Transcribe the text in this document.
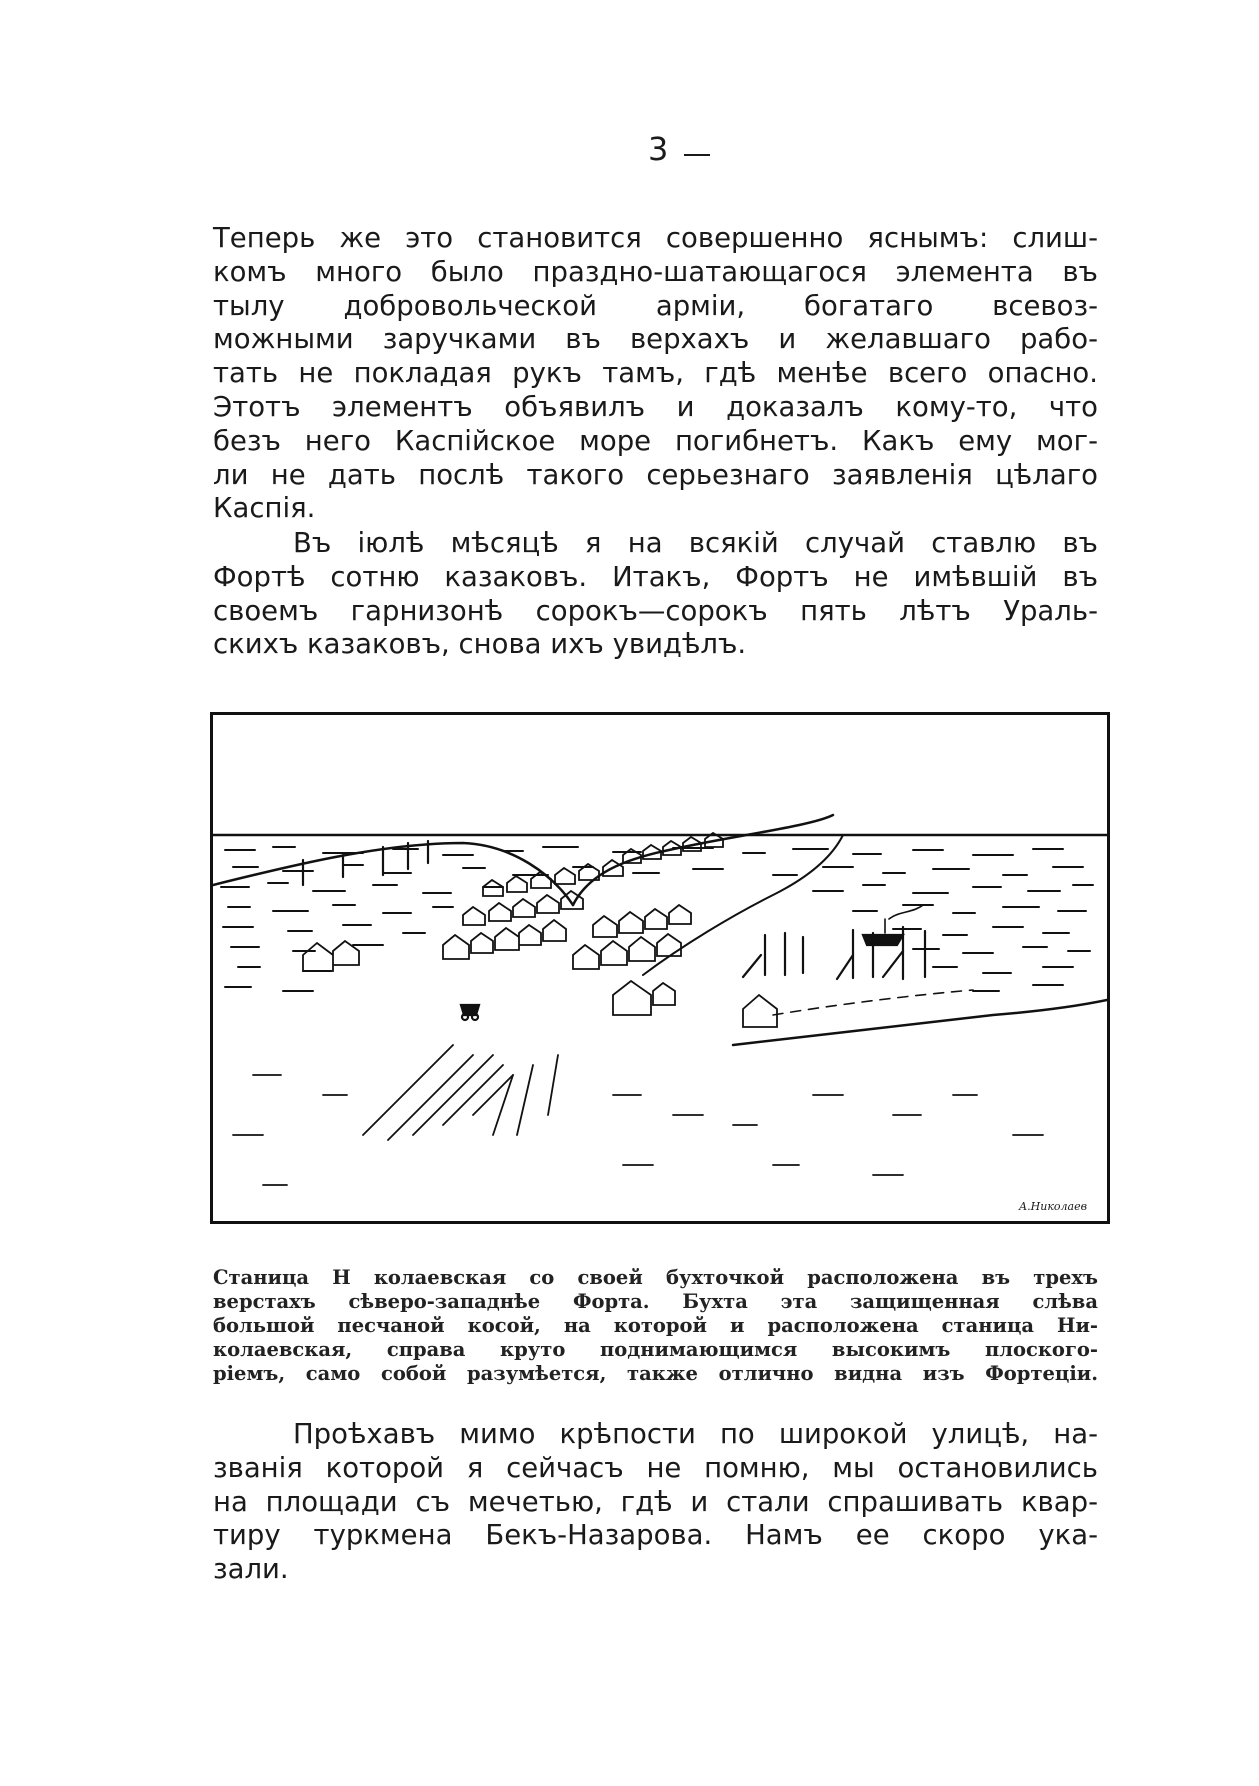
3
Теперь же это становится совершенно яснымъ: слиш-
комъ много было праздно-шатающагося элемента въ
тылу добровольческой арміи, богатаго всевоз-
можными заручками въ верхахъ и желавшаго рабо-
тать не покладая рукъ тамъ, гдѣ менѣе всего опасно.
Этотъ элементъ объявилъ и доказалъ кому-то, что
безъ него Каспійское море погибнетъ. Какъ ему мог-
ли не дать послѣ такого серьезнаго заявленія цѣлаго
Каспія.
Въ іюлѣ мѣсяцѣ я на всякій случай ставлю въ
Фортѣ сотню казаковъ. Итакъ, Фортъ не имѣвшій въ
своемъ гарнизонѣ сорокъ—сорокъ пять лѣтъ Ураль-
скихъ казаковъ, снова ихъ увидѣлъ.
А.Николаев
Станица Н колаевская со своей бухточкой расположена въ трехъ
верстахъ сѣверо-западнѣе Форта. Бухта эта защищенная слѣва
большой песчаной косой, на которой и расположена станица Ни-
колаевская, справа круто поднимающимся высокимъ плоского-
ріемъ, само собой разумѣется, также отлично видна изъ Фортеціи.
Проѣхавъ мимо крѣпости по широкой улицѣ, на-
званія которой я сейчасъ не помню, мы остановились
на площади съ мечетью, гдѣ и стали спрашивать квар-
тиру туркмена Бекъ-Назарова. Намъ ее скоро ука-
зали.
